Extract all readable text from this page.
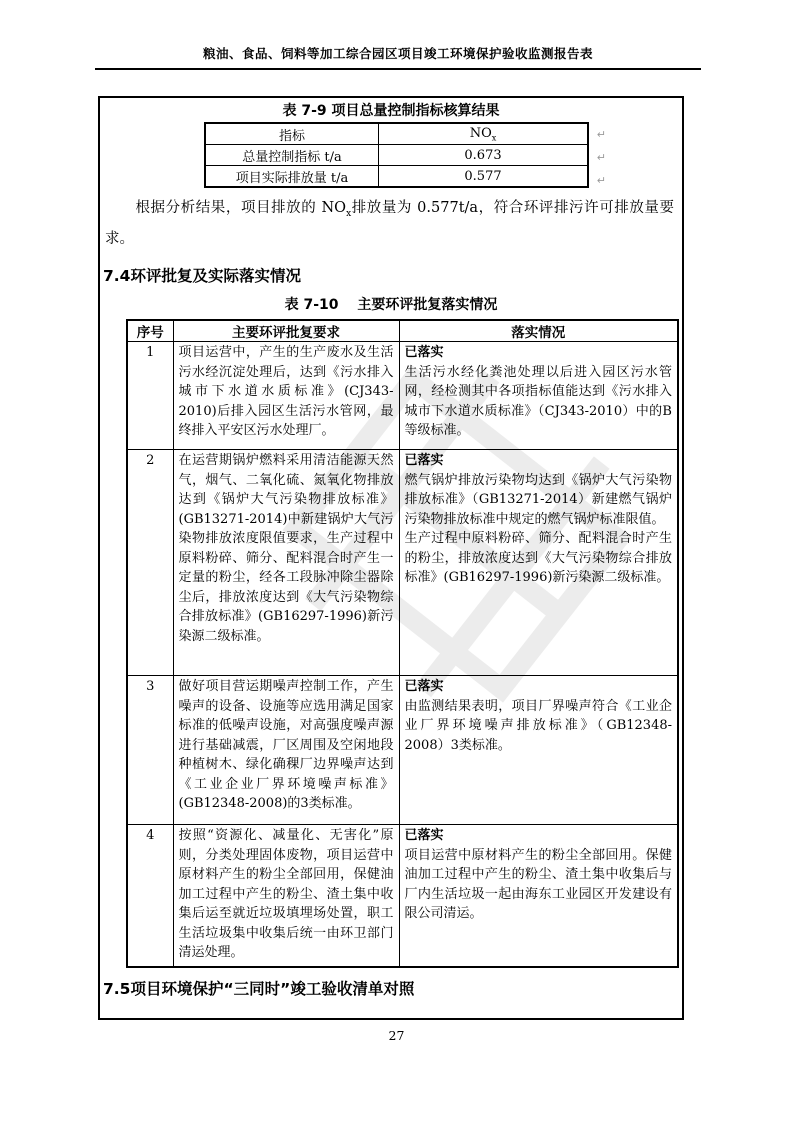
粮油、食品、饲料等加工综合园区项目竣工环境保护验收监测报告表
表 7-9 项目总量控制指标核算结果
指标	$NO_x$
总量控制指标 t/a	0.673
项目实际排放量 t/a	0.577
↵
↵
↵

根据分析结果，项目排放的 $NO_x$排放量为 0.577t/a，符合环评排污许可排放量要求。

7.4环评批复及实际落实情况
表 7-10　 主要环评批复落实情况
序号	主要环评批复要求	落实情况
1	项目运营中，产生的生产废水及生活污水经沉淀处理后，达到《污水排入城市下水道水质标准》(CJ343-2010)后排入园区生活污水管网，最终排入平安区污水处理厂。	已落实
生活污水经化粪池处理以后进入园区污水管网，经检测其中各项指标值能达到《污水排入城市下水道水质标准》（CJ343-2010）中的B等级标准。

2	在运营期锅炉燃料采用清洁能源天然气，烟气、二氧化硫、氮氧化物排放达到《锅炉大气污染物排放标准》(GB13271-2014)中新建锅炉大气污染物排放浓度限值要求，生产过程中原料粉碎、筛分、配料混合时产生一定量的粉尘，经各工段脉冲除尘器除尘后，排放浓度达到《大气污染物综合排放标准》(GB16297-1996)新污染源二级标准。	已落实
燃气锅炉排放污染物均达到《锅炉大气污染物排放标准》（GB13271-2014）新建燃气锅炉污染物排放标准中规定的燃气锅炉标准限值。
生产过程中原料粉碎、筛分、配料混合时产生的粉尘，排放浓度达到《大气污染物综合排放标准》(GB16297-1996)新污染源二级标准。

3	做好项目营运期噪声控制工作，产生噪声的设备、设施等应选用满足国家标准的低噪声设施，对高强度噪声源进行基础减震，厂区周围及空闲地段种植树木、绿化确稞厂边界噪声达到《工业企业厂界环境噪声标准》(GB12348-2008)的3类标准。	已落实
由监测结果表明，项目厂界噪声符合《工业企业厂界环境噪声排放标准》（GB12348-2008）3类标准。

4	按照“资源化、减量化、无害化”原则，分类处理固体废物，项目运营中原材料产生的粉尘全部回用，保健油加工过程中产生的粉尘、渣土集中收集后运至就近垃圾填埋场处置，职工生活垃圾集中收集后统一由环卫部门清运处理。	已落实
项目运营中原材料产生的粉尘全部回用。保健油加工过程中产生的粉尘、渣土集中收集后与厂内生活垃圾一起由海东工业园区开发建设有限公司清运。
7.5项目环境保护“三同时”竣工验收清单对照
27
